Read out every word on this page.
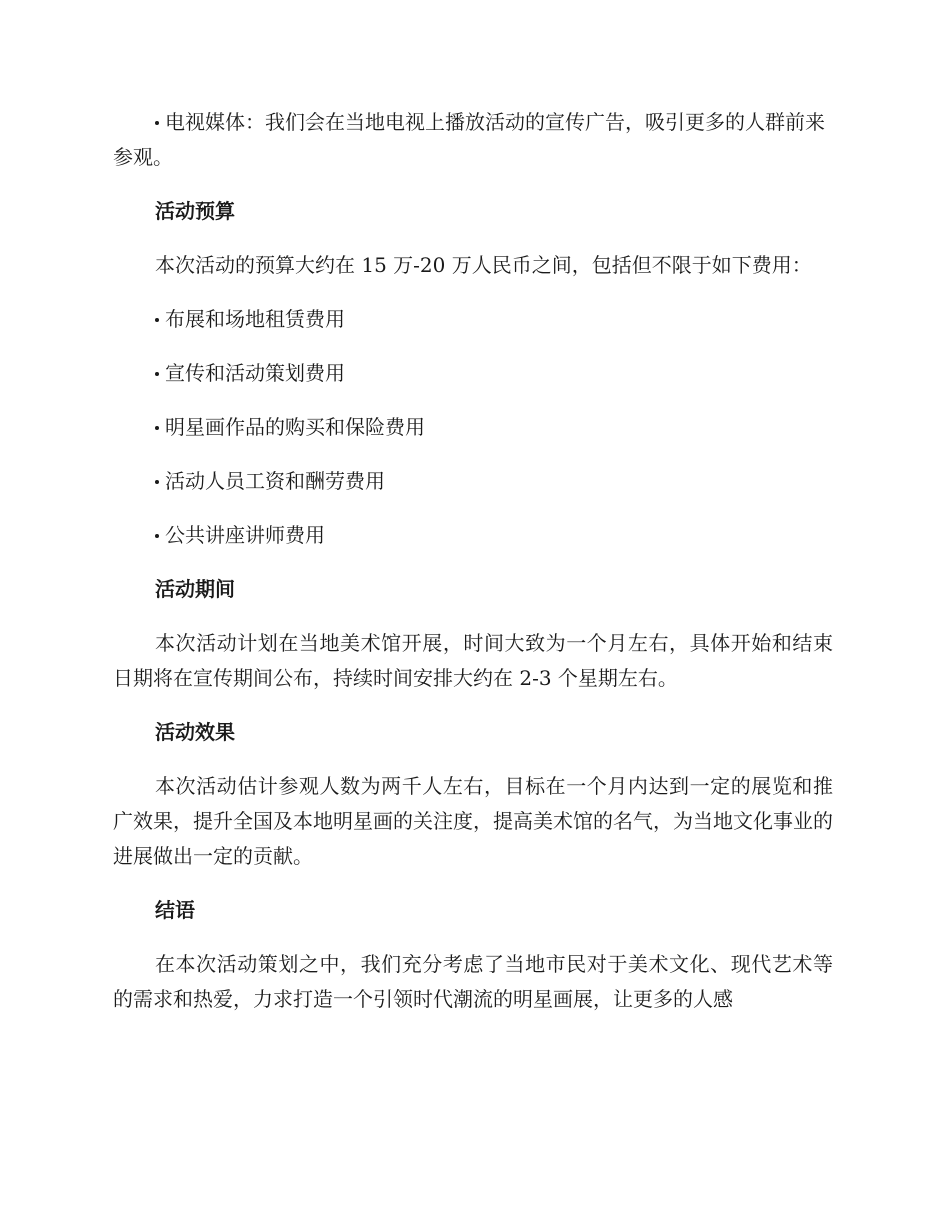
电视媒体：我们会在当地电视上播放活动的宣传广告，吸引更多的人群前来参观。

活动预算

本次活动的预算大约在 15 万-20 万人民币之间，包括但不限于如下费用：

布展和场地租赁费用

宣传和活动策划费用

明星画作品的购买和保险费用

活动人员工资和酬劳费用

公共讲座讲师费用

活动期间

本次活动计划在当地美术馆开展，时间大致为一个月左右，具体开始和结束日期将在宣传期间公布，持续时间安排大约在 2-3 个星期左右。

活动效果

本次活动估计参观人数为两千人左右，目标在一个月内达到一定的展览和推广效果，提升全国及本地明星画的关注度，提高美术馆的名气，为当地文化事业的进展做出一定的贡献。

结语

在本次活动策划之中，我们充分考虑了当地市民对于美术文化、现代艺术等的需求和热爱，力求打造一个引领时代潮流的明星画展，让更多的人感
